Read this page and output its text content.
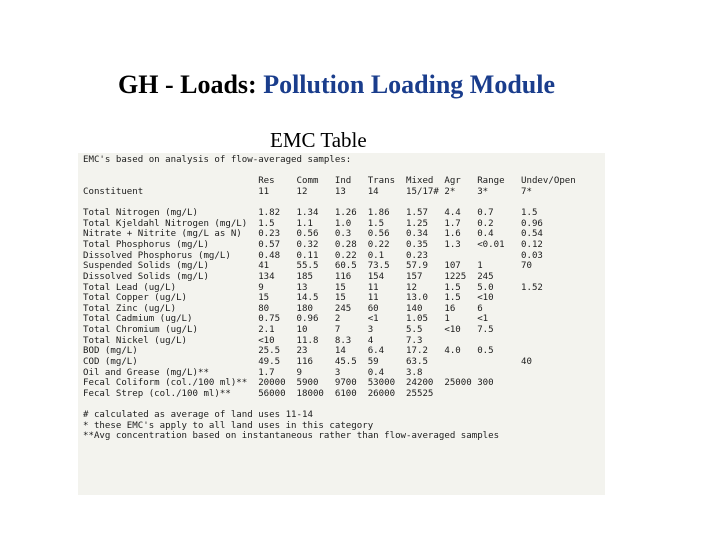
GH - Loads: Pollution Loading Module
EMC Table
EMC's based on analysis of flow-averaged samples:

Res    Comm   Ind   Trans  Mixed  Agr   Range   Undev/Open
Constituent                     11     12     13    14     15/17# 2*    3*      7*

Total Nitrogen (mg/L)           1.82   1.34   1.26  1.86   1.57   4.4   0.7     1.5
Total Kjeldahl Nitrogen (mg/L)  1.5    1.1    1.0   1.5    1.25   1.7   0.2     0.96
Nitrate + Nitrite (mg/L as N)   0.23   0.56   0.3   0.56   0.34   1.6   0.4     0.54
Total Phosphorus (mg/L)         0.57   0.32   0.28  0.22   0.35   1.3   <0.01   0.12
Dissolved Phosphorus (mg/L)     0.48   0.11   0.22  0.1    0.23                 0.03
Suspended Solids (mg/L)         41     55.5   60.5  73.5   57.9   107   1       70
Dissolved Solids (mg/L)         134    185    116   154    157    1225  245
Total Lead (ug/L)               9      13     15    11     12     1.5   5.0     1.52
Total Copper (ug/L)             15     14.5   15    11     13.0   1.5   <10
Total Zinc (ug/L)               80     180    245   60     140    16    6
Total Cadmium (ug/L)            0.75   0.96   2     <1     1.05   1     <1
Total Chromium (ug/L)           2.1    10     7     3      5.5    <10   7.5
Total Nickel (ug/L)             <10    11.8   8.3   4      7.3
BOD (mg/L)                      25.5   23     14    6.4    17.2   4.0   0.5
COD (mg/L)                      49.5   116    45.5  59     63.5                 40
Oil and Grease (mg/L)**         1.7    9      3     0.4    3.8
Fecal Coliform (col./100 ml)**  20000  5900   9700  53000  24200  25000 300
Fecal Strep (col./100 ml)**     56000  18000  6100  26000  25525

# calculated as average of land uses 11-14
* these EMC's apply to all land uses in this category
**Avg concentration based on instantaneous rather than flow-averaged samples
